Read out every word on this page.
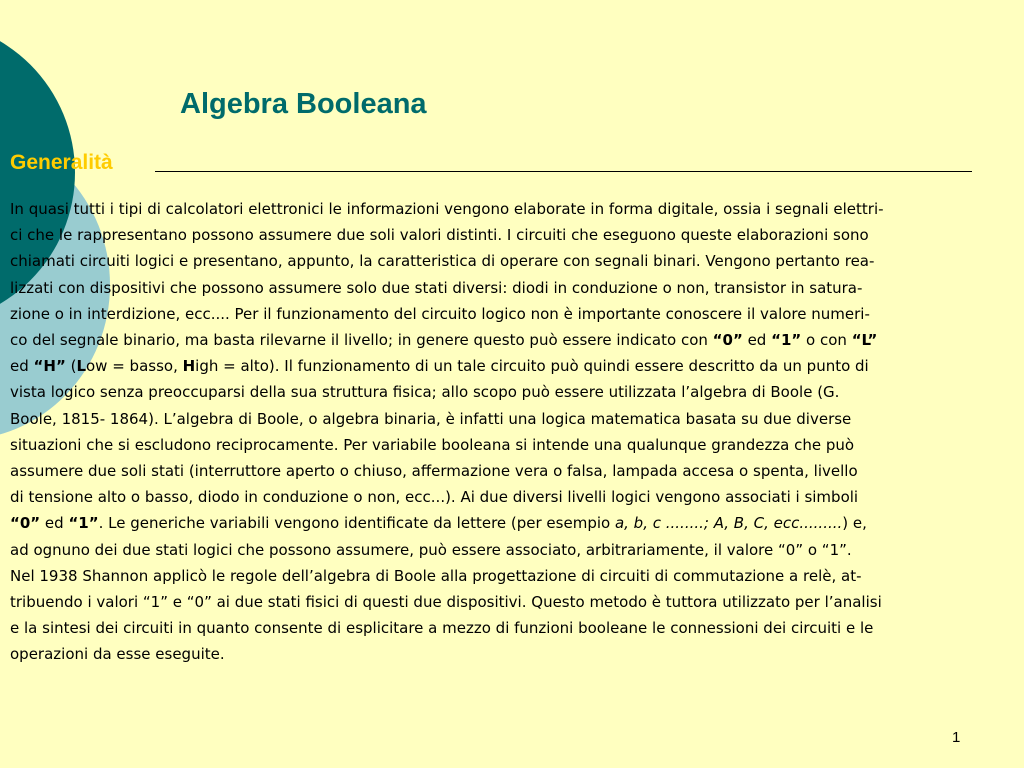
Algebra Booleana
Generalità
In quasi tutti i tipi di calcolatori elettronici le informazioni vengono elaborate in forma digitale, ossia i segnali elettri-
ci che le rappresentano possono assumere due soli valori distinti. I circuiti che eseguono queste elaborazioni sono
chiamati circuiti logici e presentano, appunto, la caratteristica di operare con segnali binari. Vengono pertanto rea-
lizzati con dispositivi che possono assumere solo due stati diversi: diodi in conduzione o non, transistor in satura-
zione o in interdizione, ecc.... Per il funzionamento del circuito logico non è importante conoscere il valore numeri-
co del segnale binario, ma basta rilevarne il livello; in genere questo può essere indicato con “0” ed “1” o con “L”
ed “H” (Low = basso, High = alto). Il funzionamento di un tale circuito può quindi essere descritto da un punto di
vista logico senza preoccuparsi della sua struttura fisica; allo scopo può essere utilizzata l’algebra di Boole (G.
Boole, 1815- 1864). L’algebra di Boole, o algebra binaria, è infatti una logica matematica basata su due diverse
situazioni che si escludono reciprocamente. Per variabile booleana si intende una qualunque grandezza che può
assumere due soli stati (interruttore aperto o chiuso, affermazione vera o falsa, lampada accesa o spenta, livello
di tensione alto o basso, diodo in conduzione o non, ecc...). Ai due diversi livelli logici vengono associati i simboli
“0” ed “1”. Le generiche variabili vengono identificate da lettere (per esempio a, b, c ........; A, B, C, ecc.........) e,
ad ognuno dei due stati logici che possono assumere, può essere associato, arbitrariamente, il valore “0” o “1”.
Nel 1938 Shannon applicò le regole dell’algebra di Boole alla progettazione di circuiti di commutazione a relè, at-
tribuendo i valori “1” e “0” ai due stati fisici di questi due dispositivi. Questo metodo è tuttora utilizzato per l’analisi
e la sintesi dei circuiti in quanto consente di esplicitare a mezzo di funzioni booleane le connessioni dei circuiti e le
operazioni da esse eseguite.
1
